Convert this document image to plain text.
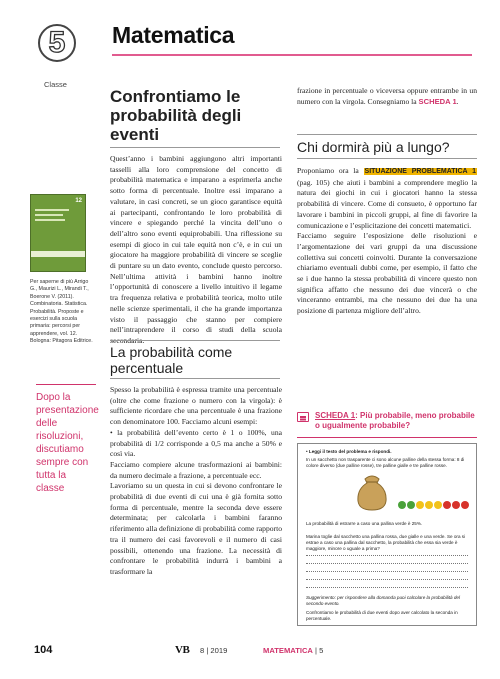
5
Classe
Matematica
Confrontiamo le probabilità degli eventi
Quest’anno i bambini aggiungono altri importanti tasselli alla loro comprensione del concetto di probabilità matematica e imparano a esprimerla anche sotto forma di percentuale. Inoltre essi imparano a valutare, in casi concreti, se un gioco garantisce equità ai partecipanti, confrontando le loro probabilità di vincere e spiegando perché la vincita dell’uno o dell’altro sono eventi equiprobabili. Una riflessione su esempi di gioco in cui tale equità non c’è, e in cui un giocatore ha maggiore probabilità di vincere se sceglie di puntare su un dato evento, conclude questo percorso. Nell’ultima attività i bambini hanno inoltre l’opportunità di conoscere a livello intuitivo il legame tra frequenza relativa e probabilità teorica, molto utile nelle scienze sperimentali, il che ha grande importanza visto il passaggio che stanno per compiere nell’intraprendere il corso di studi della scuola
12
Per saperne di più Arrigo G., Maurizi L., Mirandi T., Boerone V. (2011). Combinatoria. Statistica. Probabilità. Proposte e esercizi sulla scuola primaria: percorsi per apprendere, vol. 12. Bologna: Pitagora Editrice.
La probabilità come percentuale

Spesso la probabilità è espressa tramite una percentuale (oltre che come frazione o numero con la virgola): è sufficiente ricordare che una percentuale è una frazione con denominatore 100. Facciamo alcuni esempi:

• la probabilità dell’evento certo è 1 o 100%, una probabilità di 1/2 corrisponde a 0,5 ma anche a 50% e così via.

Facciamo compiere alcune trasformazioni ai bambini: da numero decimale a frazione, a percentuale ecc.

Lavoriamo su un questa in cui si devono confrontare le probabilità di due eventi di cui una è già fornita sotto forma di percentuale, mentre la seconda deve essere determinata; per calcolarla i bambini faranno riferimento alla definizione di probabilità come rapporto tra il numero dei casi favorevoli e il numero di casi possibili, ottenendo una frazione. La necessità di confrontare le probabilità indurrà i bambini a trasformare la

Dopo la presentazione delle risoluzioni, discutiamo sempre con tutta la classe
frazione in percentuale o viceversa oppure entrambe in un numero con la virgola. Consegniamo la SCHEDA 1.
Chi dormirà più a lungo?

Proponiamo ora la SITUAZIONE PROBLEMATICA 1 (pag. 105) che aiuti i bambini a comprendere meglio la natura dei giochi in cui i giocatori hanno la stessa probabilità di vincere. Come di consueto, è opportuno far lavorare i bambini in piccoli gruppi, al fine di favorire la comunicazione e l’esplicitazione dei concetti matematici.

Facciamo seguire l’esposizione delle risoluzioni e l’argomentazione dei vari gruppi da una discussione collettiva sui concetti coinvolti. Durante la conversazione chiariamo eventuali dubbi come, per esempio, il fatto che se i due hanno la stessa probabilità di vincere questo non significa affatto che nessuno dei due vincerà o che vinceranno entrambi, ma che nessuno dei due ha una posizione di partenza migliore dell’altro.

SCHEDA 1: Più probabile, meno probabile o ugualmente probabile?
• Leggi il testo del problema e rispondi.
In un sacchetto non trasparente ci sono alcune palline della stessa forma: 8 di colore diverso (due palline rosse), tre palline gialle e tre palline rosse.
La probabilità di estrarre a caso una pallina verde è 25%.
Marina toglie dal sacchetto una pallina rossa, due gialle e una verde. Se ora si estrae a caso una pallina dal sacchetto, la probabilità che essa sia verde è maggiore, minore o uguale a prima?
Suggerimento: per rispondere alla domanda puoi calcolare la probabilità del secondo evento.
Confrontiamo le probabilità di due eventi dopo aver calcolato la seconda in percentuale.
104	VB 8 | 2019	MATEMATICA | 5
